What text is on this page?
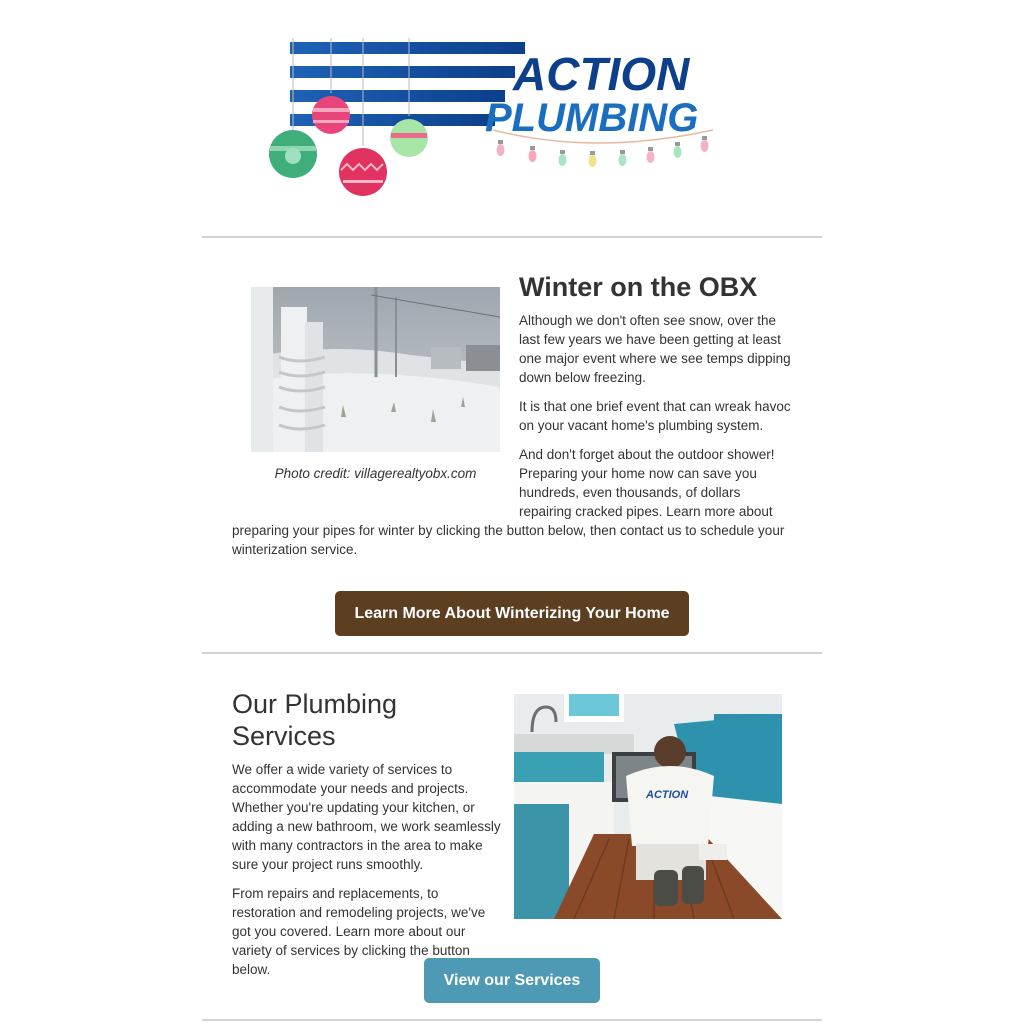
ACTION
PLUMBING
Photo credit: villagerealtyobx.com
Winter on the OBX

Although we don't often see snow, over the last few years we have been getting at least one major event where we see temps dipping down below freezing.

It is that one brief event that can wreak havoc on your vacant home's plumbing system.

And don't forget about the outdoor shower! Preparing your home now can save you hundreds, even thousands, of dollars repairing cracked pipes. Learn more about preparing your pipes for winter by clicking the button below, then contact us to schedule your winterization service.

Learn More About Winterizing Your Home
Our Plumbing Services

We offer a wide variety of services to accommodate your needs and projects. Whether you're updating your kitchen, or adding a new bathroom, we work seamlessly with many contractors in the area to make sure your project runs smoothly.

From repairs and replacements, to restoration and remodeling projects, we've got you covered. Learn more about our variety of services by clicking the button below.

ACTION
View our Services
